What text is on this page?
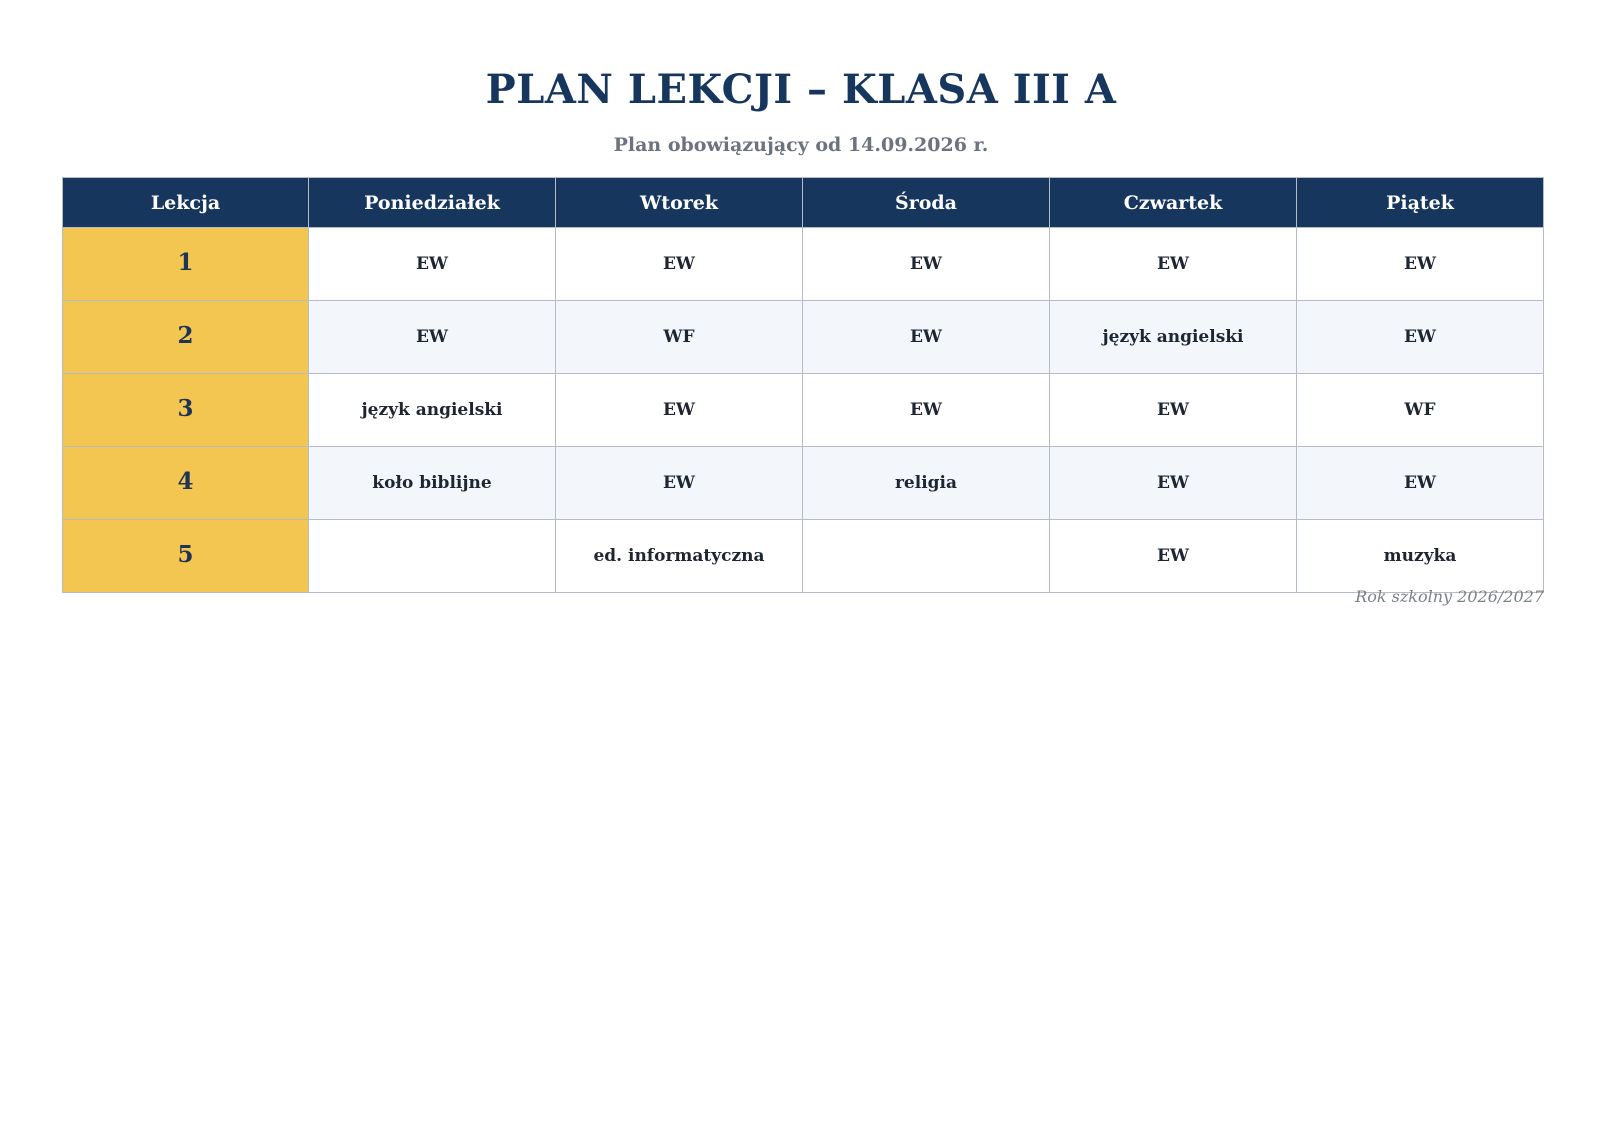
PLAN LEKCJI – KLASA III A
Plan obowiązujący od 14.09.2026 r.
Lekcja	Poniedziałek	Wtorek	Środa	Czwartek	Piątek
1	EW	EW	EW	EW	EW
2	EW	WF	EW	język angielski	EW
3	język angielski	EW	EW	EW	WF
4	koło biblijne	EW	religia	EW	EW
5		ed. informatyczna		EW	muzyka
Rok szkolny 2026/2027
